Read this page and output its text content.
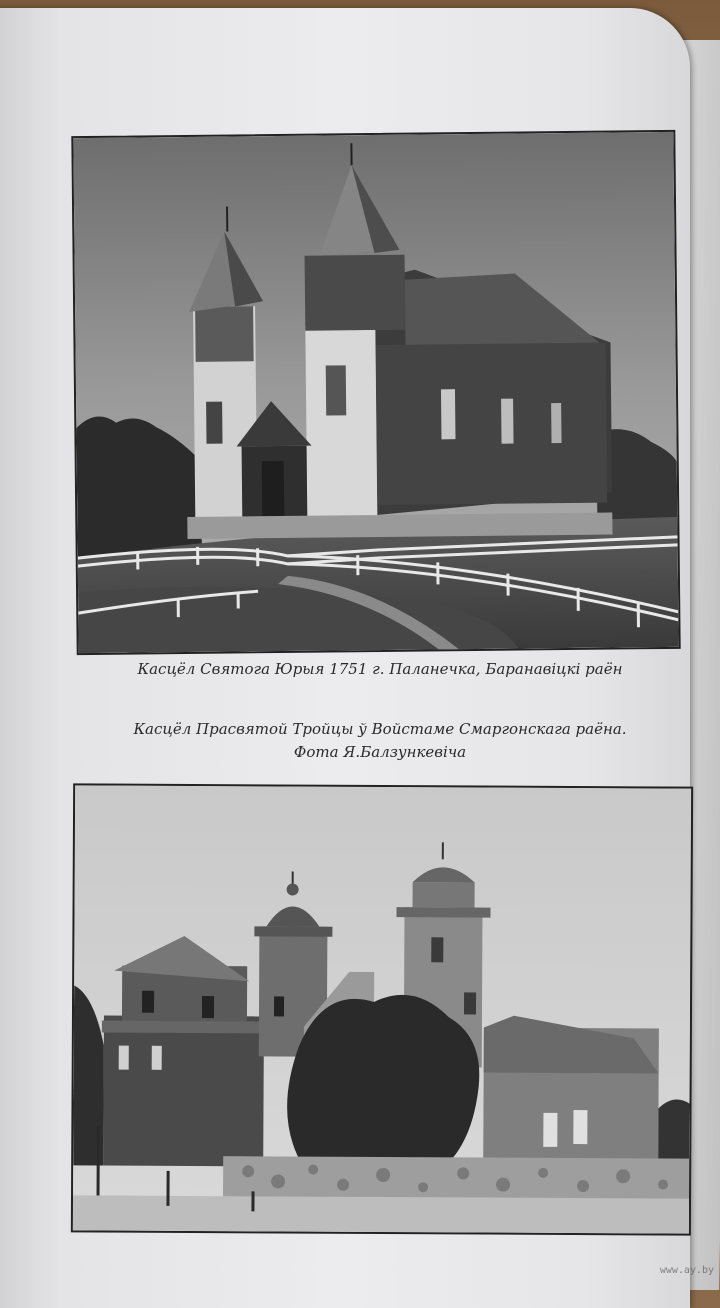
Касцёл Святога Юрыя 1751 г. Паланечка, Баранавіцкі раён
Касцёл Прасвятой Тройцы ў Войстаме Смаргонскага раёна.
Фота Я.Балзункевіча
www.ay.by
